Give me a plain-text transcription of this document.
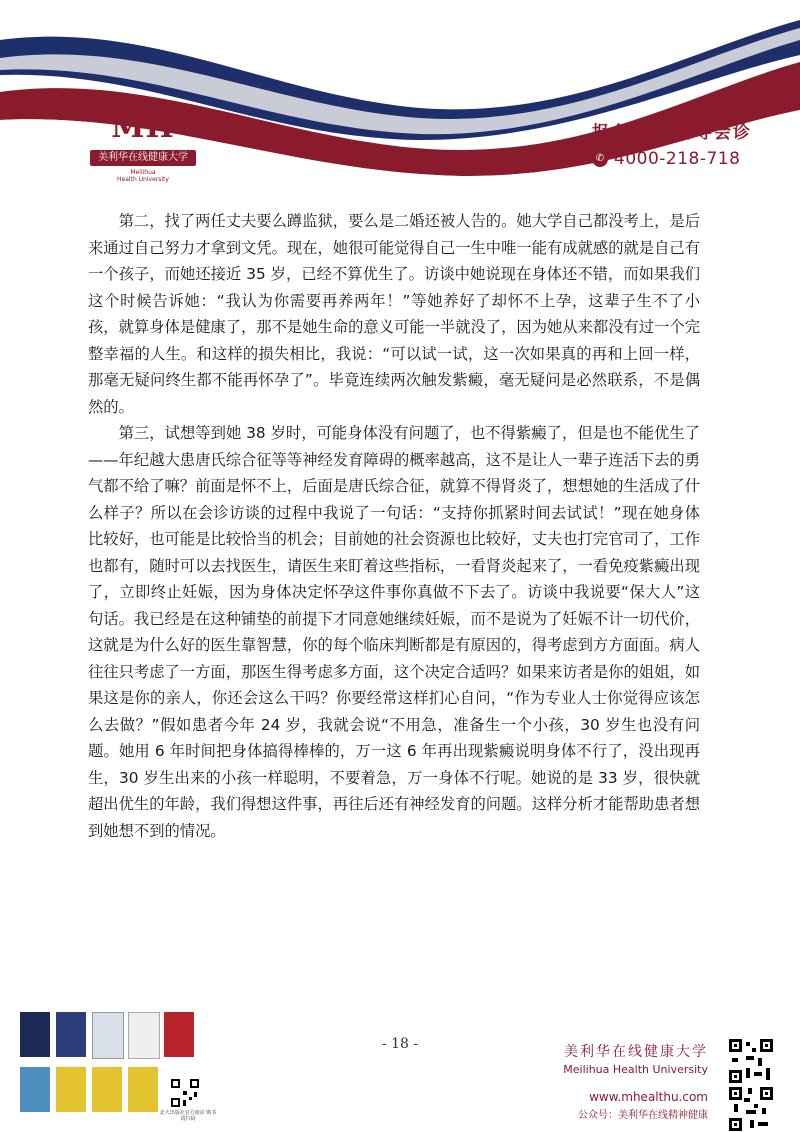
MH
美利华在线健康大学
Meilihua
Health University
报名学习 督导会诊
✆ 4000-218-718

第二，找了两任丈夫要么蹲监狱，要么是二婚还被人告的。她大学自己都没考上，是后来通过自己努力才拿到文凭。现在，她很可能觉得自己一生中唯一能有成就感的就是自己有一个孩子，而她还接近 35 岁，已经不算优生了。访谈中她说现在身体还不错，而如果我们这个时候告诉她：“我认为你需要再养两年！”等她养好了却怀不上孕，这辈子生不了小孩，就算身体是健康了，那不是她生命的意义可能一半就没了，因为她从来都没有过一个完整幸福的人生。和这样的损失相比，我说：“可以试一试，这一次如果真的再和上回一样，那毫无疑问终生都不能再怀孕了”。毕竟连续两次触发紫癜，毫无疑问是必然联系，不是偶然的。

第三，试想等到她 38 岁时，可能身体没有问题了，也不得紫癜了，但是也不能优生了——年纪越大患唐氏综合征等等神经发育障碍的概率越高，这不是让人一辈子连活下去的勇气都不给了嘛？前面是怀不上，后面是唐氏综合征，就算不得肾炎了，想想她的生活成了什么样子？所以在会诊访谈的过程中我说了一句话：“支持你抓紧时间去试试！”现在她身体比较好，也可能是比较恰当的机会；目前她的社会资源也比较好，丈夫也打完官司了，工作也都有，随时可以去找医生，请医生来盯着这些指标，一看肾炎起来了，一看免疫紫癜出现了，立即终止妊娠，因为身体决定怀孕这件事你真做不下去了。访谈中我说要“保大人”这句话。我已经是在这种铺垫的前提下才同意她继续妊娠，而不是说为了妊娠不计一切代价，这就是为什么好的医生靠智慧，你的每个临床判断都是有原因的，得考虑到方方面面。病人往往只考虑了一方面，那医生得考虑多方面，这个决定合适吗？如果来访者是你的姐姐，如果这是你的亲人，你还会这么干吗？你要经常这样扪心自问，“作为专业人士你觉得应该怎么去做？”假如患者今年 24 岁，我就会说“不用急，准备生一个小孩，30 岁生也没有问题。她用 6 年时间把身体搞得棒棒的，万一这 6 年再出现紫癜说明身体不行了，没出现再生，30 岁生出来的小孩一样聪明，不要着急，万一身体不行呢。她说的是 33 岁，很快就超出优生的年龄，我们得想这件事，再往后还有神经发育的问题。这样分析才能帮助患者想到她想不到的情况。

- 18 -
北大出版社官方商店 购书请扫码
美利华在线健康大学
Meilihua Health University
www.mhealthu.com
公众号：美利华在线精神健康
